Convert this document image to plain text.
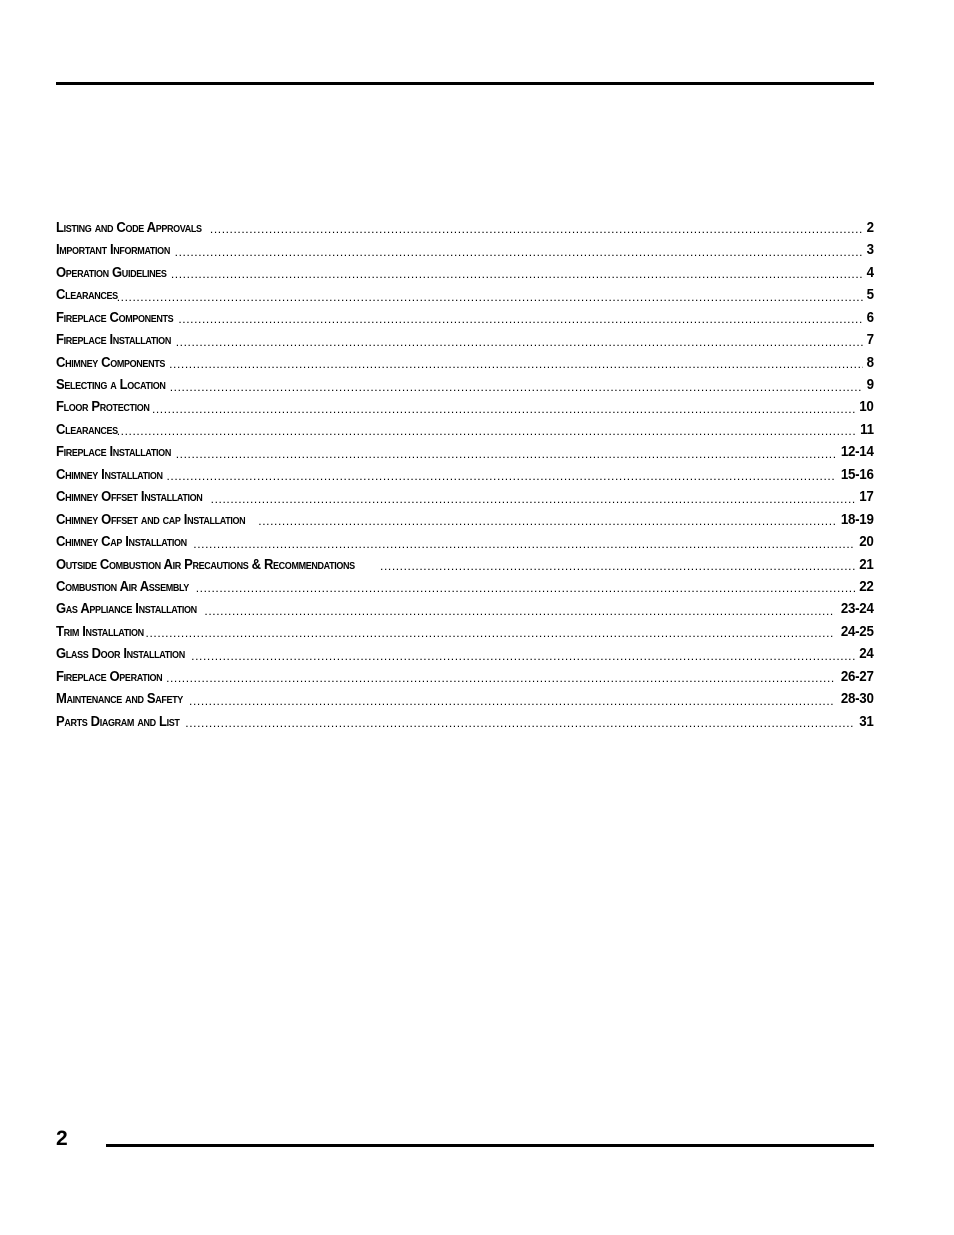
Listing and Code Approvals .....	2
Important Information .....	3
Operation Guidelines .....	4
Clearances .....	5
Fireplace Components .....	6
Fireplace Installation .....	7
Chimney Components .....	8
Selecting a Location .....	9
Floor Protection .....	10
Clearances .....	11
Fireplace Installation .....	12-14
Chimney Installation .....	15-16
Chimney Offset Installation .....	17
Chimney Offset and cap Installation .....	18-19
Chimney Cap Installation .....	20
Outside Combustion Air Precautions & Recommendations .....	21
Combustion Air Assembly .....	22
Gas Appliance Installation .....	23-24
Trim Installation .....	24-25
Glass Door Installation .....	24
Fireplace Operation .....	26-27
Maintenance and Safety .....	28-30
Parts Diagram and List .....	31
2
